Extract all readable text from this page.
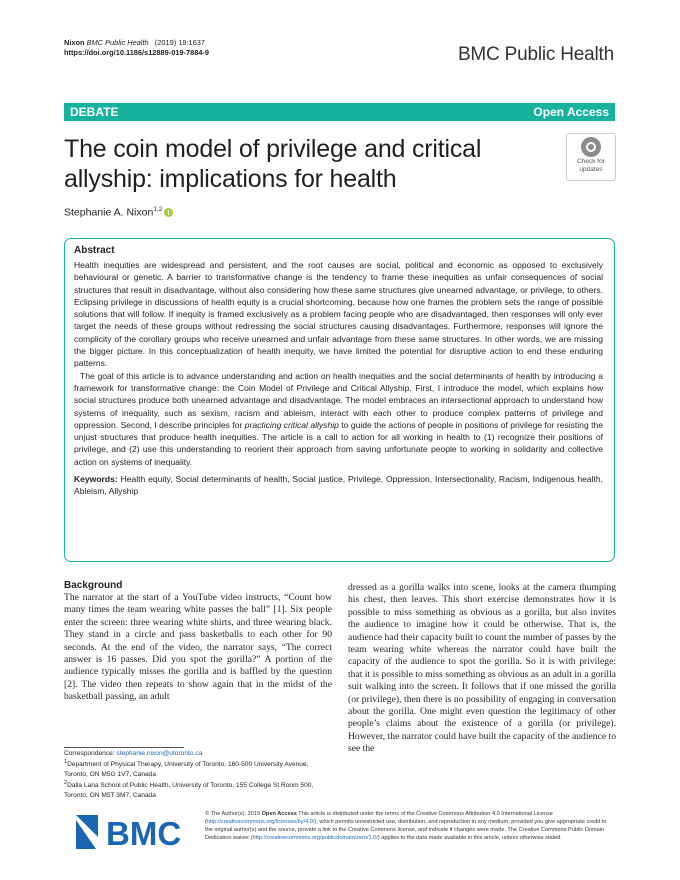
Nixon BMC Public Health (2019) 19:1637
https://doi.org/10.1186/s12889-019-7884-9	BMC Public Health
DEBATE	Open Access
The coin model of privilege and critical allyship: implications for health
Check for
updates
Stephanie A. Nixon$^{1,2}$
Abstract

Health inequities are widespread and persistent, and the root causes are social, political and economic as opposed to exclusively behavioural or genetic. A barrier to transformative change is the tendency to frame these inequities as unfair consequences of social structures that result in disadvantage, without also considering how these same structures give unearned advantage, or privilege, to others. Eclipsing privilege in discussions of health equity is a crucial shortcoming, because how one frames the problem sets the range of possible solutions that will follow. If inequity is framed exclusively as a problem facing people who are disadvantaged, then responses will only ever target the needs of these groups without redressing the social structures causing disadvantages. Furthermore, responses will ignore the complicity of the corollary groups who receive unearned and unfair advantage from these same structures. In other words, we are missing the bigger picture. In this conceptualization of health inequity, we have limited the potential for disruptive action to end these enduring patterns.

The goal of this article is to advance understanding and action on health inequities and the social determinants of health by introducing a framework for transformative change: the Coin Model of Privilege and Critical Allyship. First, I introduce the model, which explains how social structures produce both unearned advantage and disadvantage. The model embraces an intersectional approach to understand how systems of inequality, such as sexism, racism and ableism, interact with each other to produce complex patterns of privilege and oppression. Second, I describe principles for practicing critical allyship to guide the actions of people in positions of privilege for resisting the unjust structures that produce health inequities. The article is a call to action for all working in health to (1) recognize their positions of privilege, and (2) use this understanding to reorient their approach from saving unfortunate people to working in solidarity and collective action on systems of inequality.

Keywords: Health equity, Social determinants of health, Social justice, Privilege, Oppression, Intersectionality, Racism, Indigenous health, Ableism, Allyship

Background

The narrator at the start of a YouTube video instructs, “Count how many times the team wearing white passes the ball” [1]. Six people enter the screen: three wearing white shirts, and three wearing black. They stand in a circle and pass basketballs to each other for 90 seconds. At the end of the video, the narrator says, “The correct answer is 16 passes. Did you spot the gorilla?” A portion of the audience typically misses the gorilla and is baffled by the question [2]. The video then repeats to show again that in the midst of the basketball passing, an adult

dressed as a gorilla walks into scene, looks at the camera thumping his chest, then leaves. This short exercise demonstrates how it is possible to miss something as obvious as a gorilla, but also invites the audience to imagine how it could be otherwise. That is, the audience had their capacity built to count the number of passes by the team wearing white whereas the narrator could have built the capacity of the audience to spot the gorilla. So it is with privilege: that it is possible to miss something as obvious as an adult in a gorilla suit walking into the screen. It follows that if one missed the gorilla (or privilege), then there is no possibility of engaging in conversation about the gorilla. One might even question the legitimacy of other people’s claims about the existence of a gorilla (or privilege). However, the narrator could have built the capacity of the audience to see the

Correspondence: stephanie.nixon@utoronto.ca

$^1$Department of Physical Therapy, University of Toronto, 160-500 University Avenue, Toronto, ON M5G 1V7, Canada

$^2$Dalla Lana School of Public Health, University of Toronto, 155 College St Room 500, Toronto, ON M5T 3M7, Canada

BMC
© The Author(s). 2019 Open Access This article is distributed under the terms of the Creative Commons Attribution 4.0 International License (http://creativecommons.org/licenses/by/4.0/), which permits unrestricted use, distribution, and reproduction in any medium, provided you give appropriate credit to the original author(s) and the source, provide a link to the Creative Commons license, and indicate if changes were made. The Creative Commons Public Domain Dedication waiver (http://creativecommons.org/publicdomain/zero/1.0/) applies to the data made available in this article, unless otherwise stated.
